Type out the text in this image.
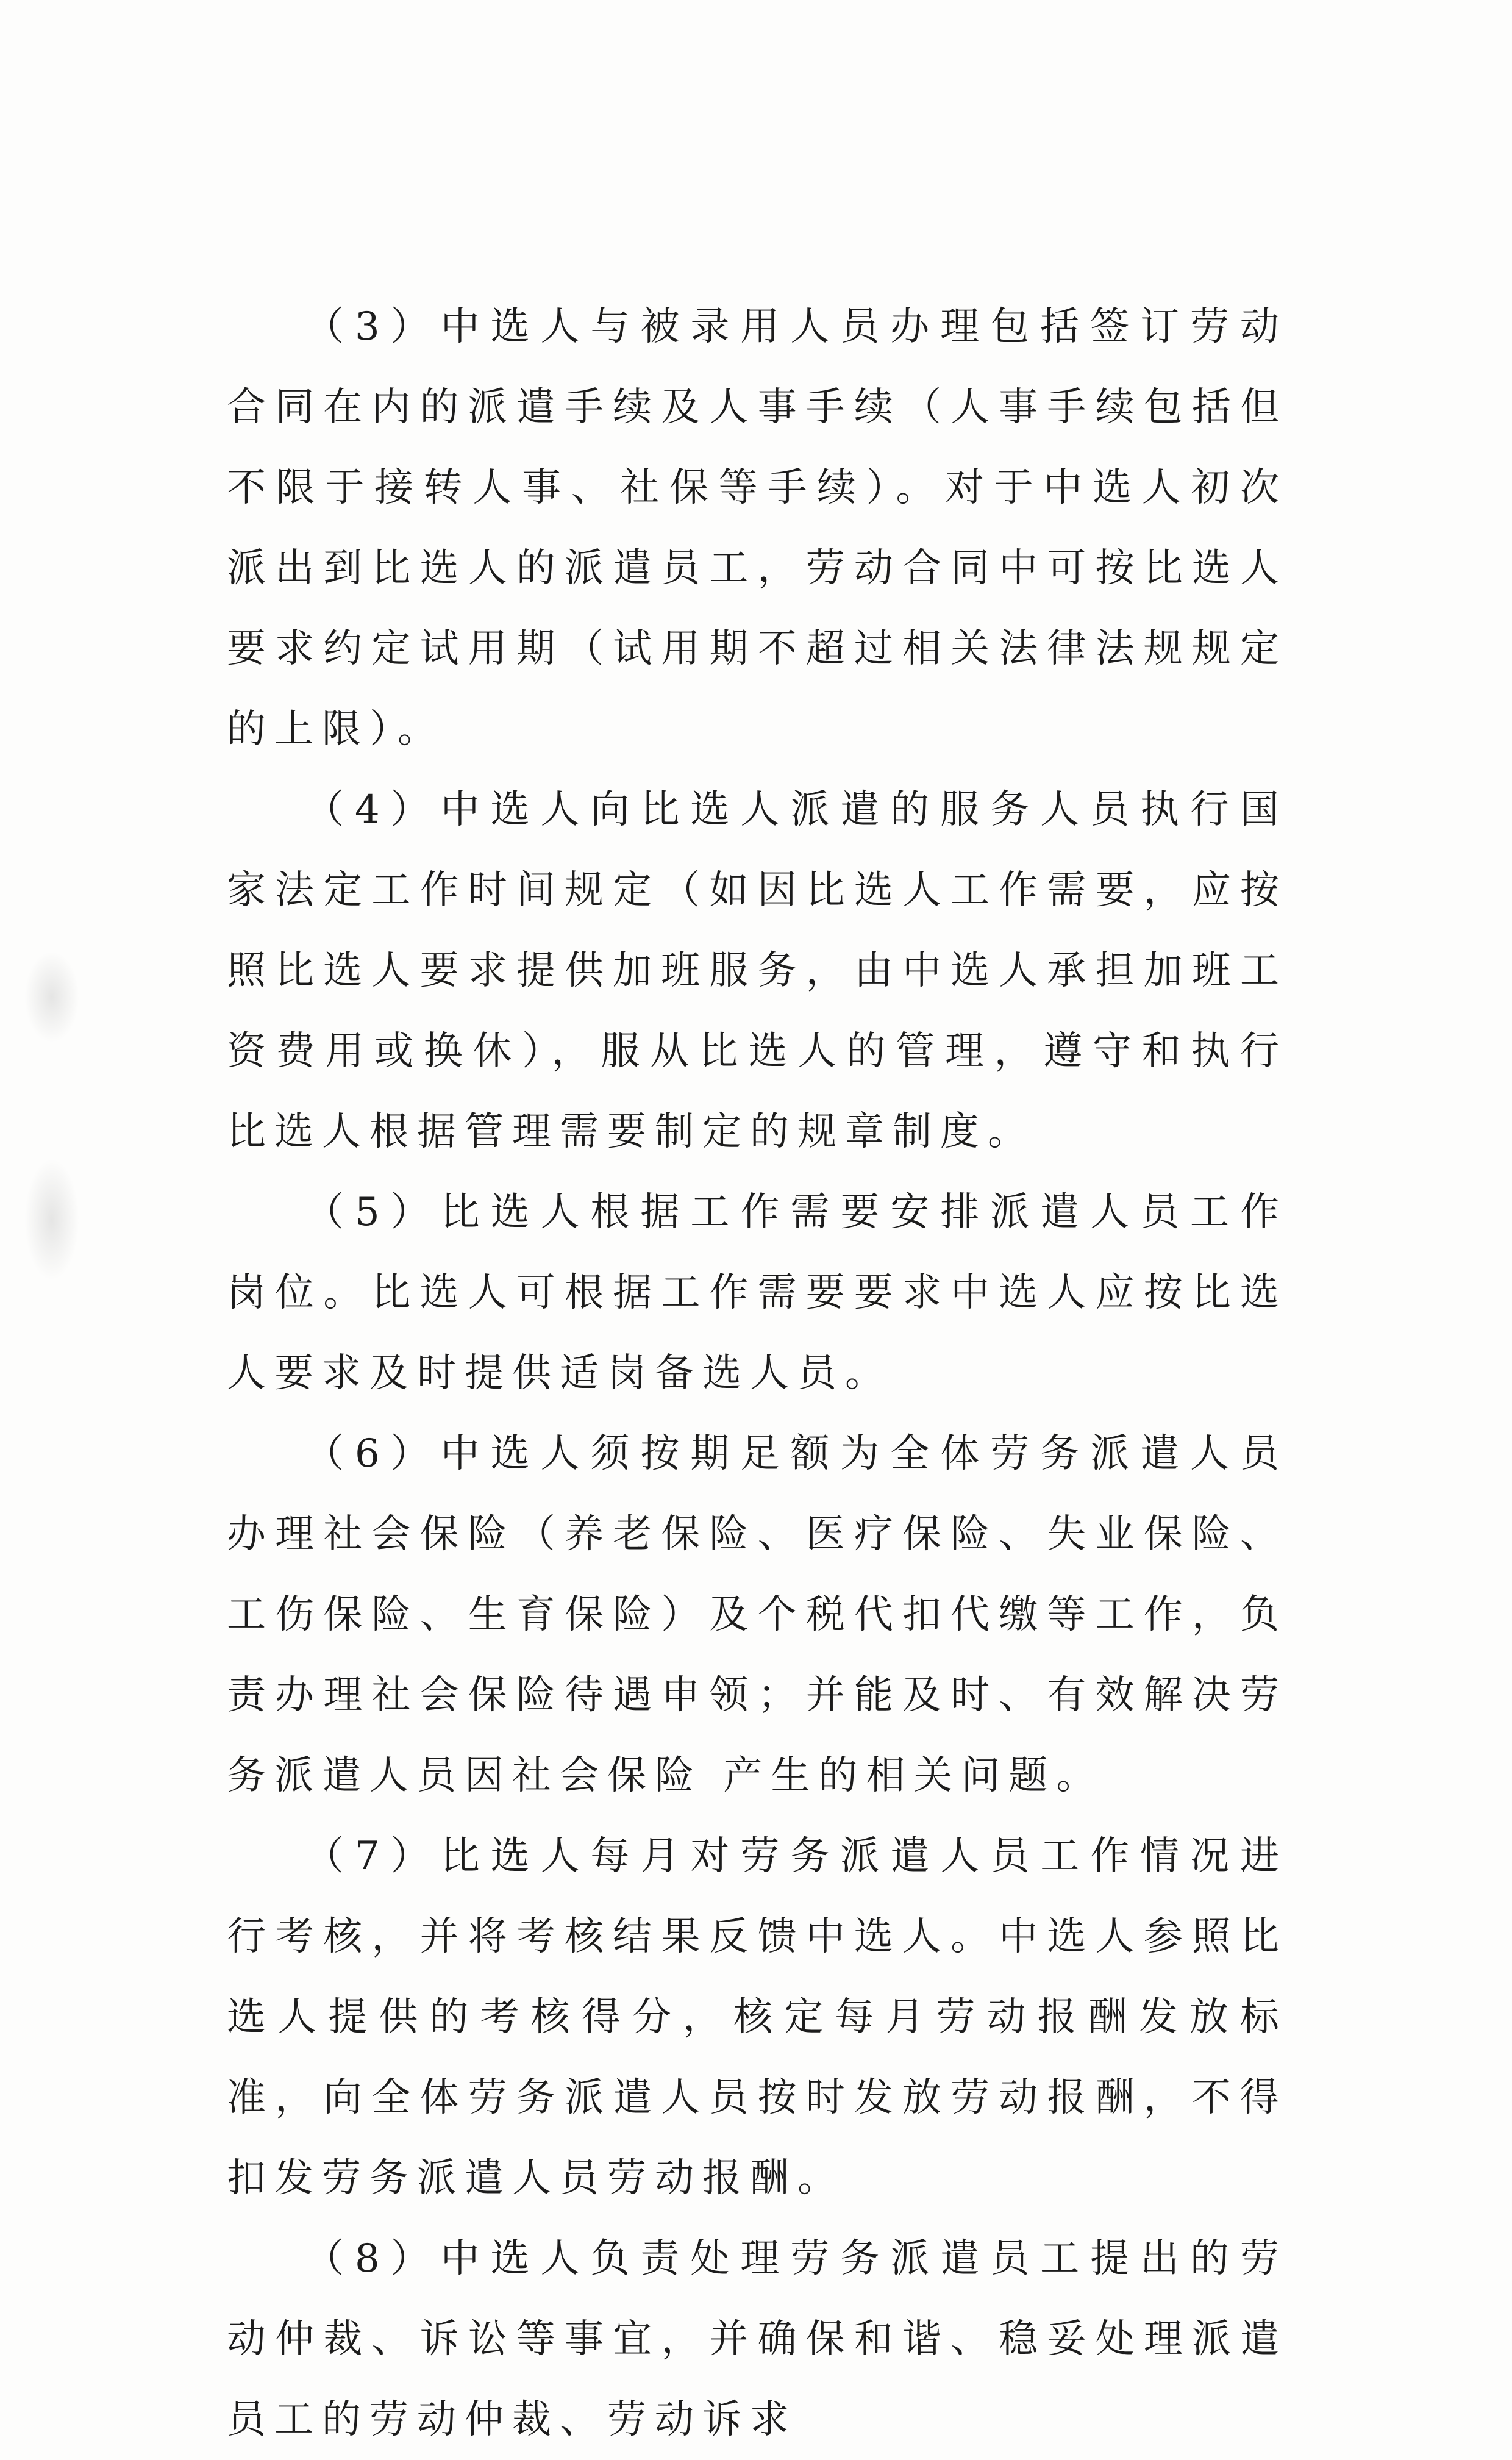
（3）中选人与被录用人员办理包括签订劳动合同在内的派遣手续及人事手续（人事手续包括但不限于接转人事、社保等手续）。对于中选人初次派出到比选人的派遣员工，劳动合同中可按比选人要求约定试用期（试用期不超过相关法律法规规定的上限）。

（4）中选人向比选人派遣的服务人员执行国家法定工作时间规定（如因比选人工作需要，应按照比选人要求提供加班服务，由中选人承担加班工资费用或换休），服从比选人的管理，遵守和执行比选人根据管理需要制定的规章制度。

（5）比选人根据工作需要安排派遣人员工作岗位。比选人可根据工作需要要求中选人应按比选人要求及时提供适岗备选人员。

（6）中选人须按期足额为全体劳务派遣人员办理社会保险（养老保险、医疗保险、失业保险、工伤保险、生育保险）及个税代扣代缴等工作，负责办理社会保险待遇申领；并能及时、有效解决劳务派遣人员因社会保险 产生的相关问题。

（7）比选人每月对劳务派遣人员工作情况进行考核，并将考核结果反馈中选人。中选人参照比选人提供的考核得分，核定每月劳动报酬发放标准，向全体劳务派遣人员按时发放劳动报酬，不得扣发劳务派遣人员劳动报酬。

（8）中选人负责处理劳务派遣员工提出的劳动仲裁、诉讼等事宜，并确保和谐、稳妥处理派遣员工的劳动仲裁、劳动诉求
